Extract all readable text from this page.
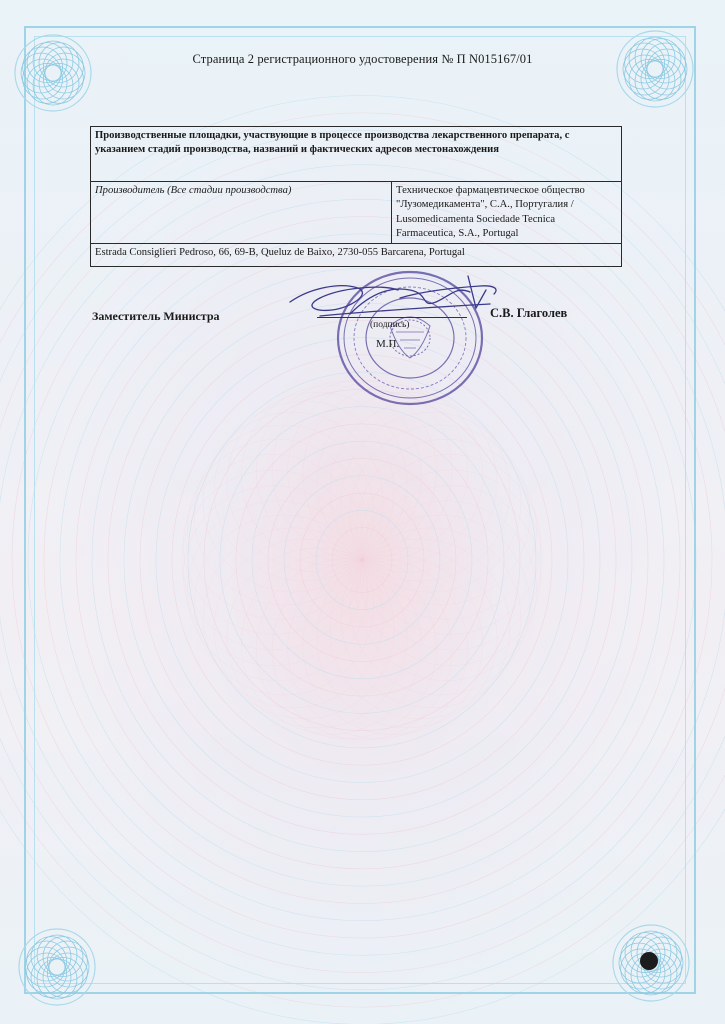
Страница 2 регистрационного удостоверения № П N015167/01
Производственные площадки, участвующие в процессе производства лекарственного препарата, с указанием стадий производства, названий и фактических адресов местонахождения
Производитель (Все стадии производства)	Техническое фармацевтическое общество "Лузомедикамента", С.А., Португалия / Lusomedicamenta Sociedade Tecnica Farmaceutica, S.A., Portugal
Estrada Consiglieri Pedroso, 66, 69-B, Queluz de Baixo, 2730-055 Barcarena, Portugal
Заместитель Министра
(подпись)
С.В. Глаголев
М.П.
